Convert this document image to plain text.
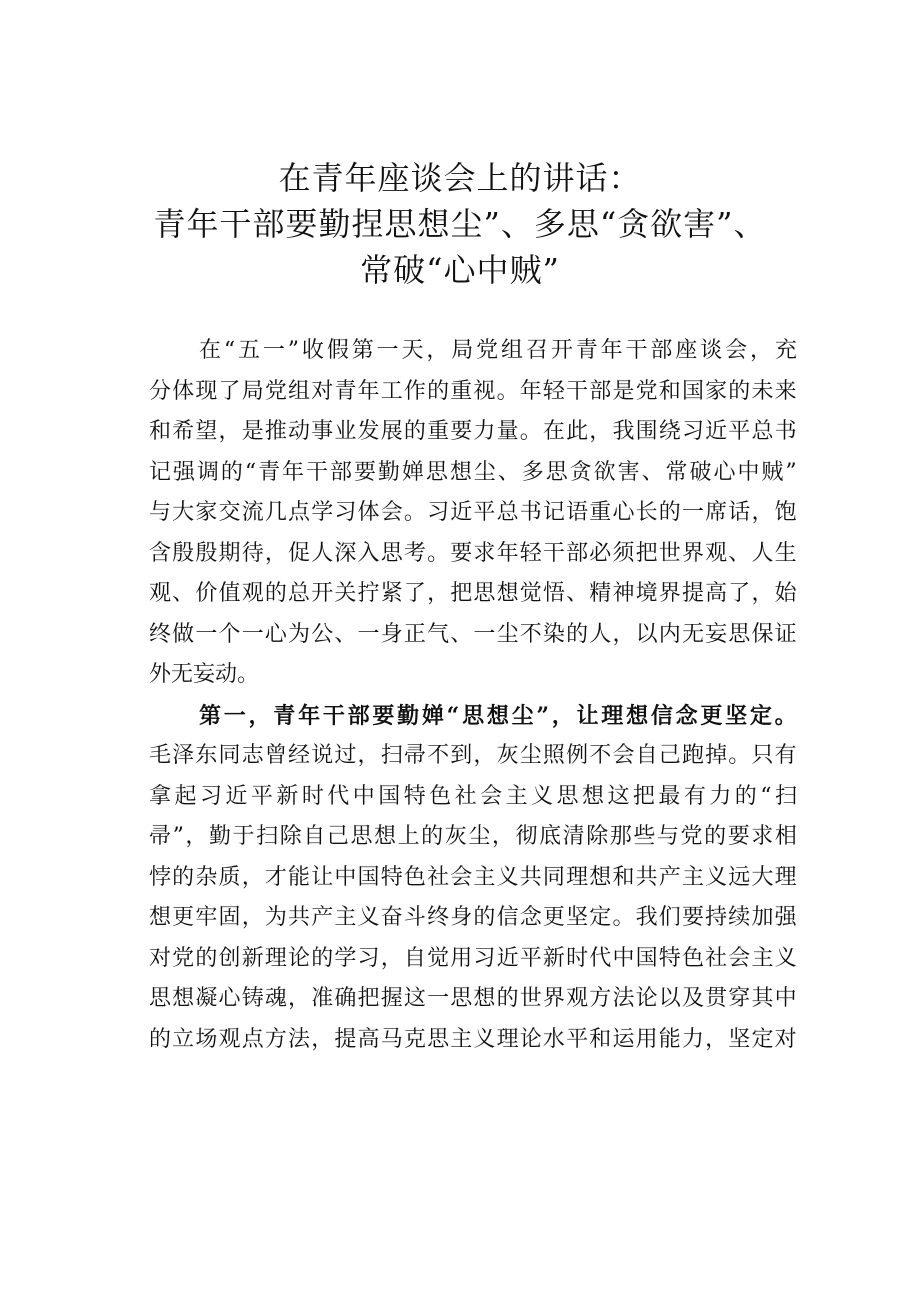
在青年座谈会上的讲话：
青年干部要勤捏思想尘”、多思“贪欲害”、
常破“心中贼”
在 “ 五 一 ” 收 假 第 一 天 ， 局 党 组 召 开 青 年 干 部 座 谈 会 ， 充
分 体 现 了 局 党 组 对 青 年 工 作 的 重 视 。 年 轻 干 部 是 党 和 国 家 的 未 来
和 希 望 ， 是 推 动 事 业 发 展 的 重 要 力 量 。 在 此 ， 我 围 绕 习 近 平 总 书
记 强 调 的 “ 青 年 干 部 要 勤 婵 思 想 尘 、 多 思 贪 欲 害 、 常 破 心 中 贼 ”
与 大 家 交 流 几 点 学 习 体 会 。 习 近 平 总 书 记 语 重 心 长 的 一 席 话 ， 饱
含 殷 殷 期 待 ， 促 人 深 入 思 考 。 要 求 年 轻 干 部 必 须 把 世 界 观 、 人 生
观 、 价 值 观 的 总 开 关 拧 紧 了 ， 把 思 想 觉 悟 、 精 神 境 界 提 高 了 ， 始
终 做 一 个 一 心 为 公 、 一 身 正 气 、 一 尘 不 染 的 人 ， 以 内 无 妄 思 保 证
外无妄动。
第 一 ， 青 年 干 部 要 勤 婵 “ 思 想 尘 ” ， 让 理 想 信 念 更 坚 定 。
毛 泽 东 同 志 曾 经 说 过 ， 扫 帚 不 到 ， 灰 尘 照 例 不 会 自 己 跑 掉 。 只 有
拿 起 习 近 平 新 时 代 中 国 特 色 社 会 主 义 思 想 这 把 最 有 力 的 “ 扫
帚 ” ， 勤 于 扫 除 自 己 思 想 上 的 灰 尘 ， 彻 底 清 除 那 些 与 党 的 要 求 相
悖 的 杂 质 ， 才 能 让 中 国 特 色 社 会 主 义 共 同 理 想 和 共 产 主 义 远 大 理
想 更 牢 固 ， 为 共 产 主 义 奋 斗 终 身 的 信 念 更 坚 定 。 我 们 要 持 续 加 强
对 党 的 创 新 理 论 的 学 习 ， 自 觉 用 习 近 平 新 时 代 中 国 特 色 社 会 主 义
思 想 凝 心 铸 魂 ， 准 确 把 握 这 一 思 想 的 世 界 观 方 法 论 以 及 贯 穿 其 中
的 立 场 观 点 方 法 ， 提 高 马 克 思 主 义 理 论 水 平 和 运 用 能 力 ， 坚 定 对
